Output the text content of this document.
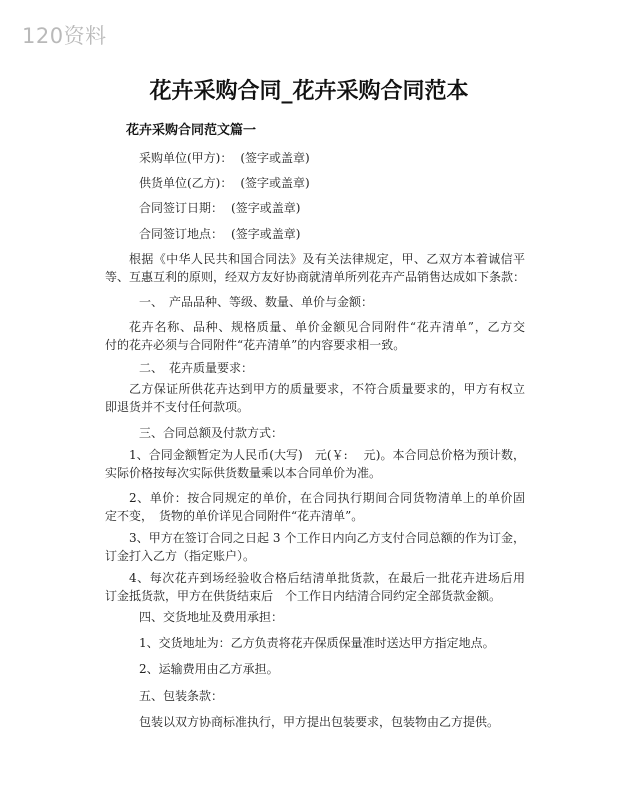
120资料
花卉采购合同_花卉采购合同范本
花卉采购合同范文篇一
采购单位(甲方)： (签字或盖章)
供货单位(乙方)： (签字或盖章)
合同签订日期： (签字或盖章)
合同签订地点： (签字或盖章)
根据《中华人民共和国合同法》及有关法律规定，甲、乙双方本着诚信平
等、互惠互利的原则，经双方友好协商就清单所列花卉产品销售达成如下条款：
一、　产品品种、等级、数量、单价与金额：
花卉名称、品种、规格质量、单价金额见合同附件“花卉清单”，乙方交
付的花卉必须与合同附件“花卉清单”的内容要求相一致。
二、　花卉质量要求：
乙方保证所供花卉达到甲方的质量要求，不符合质量要求的，甲方有权立
即退货并不支付任何款项。
三、合同总额及付款方式：
1、合同金额暂定为人民币(大写)　元(￥:　 元)。本合同总价格为预计数，
实际价格按每次实际供货数量乘以本合同单价为准。
2、单价：按合同规定的单价，在合同执行期间合同货物清单上的单价固
定不变，　货物的单价详见合同附件“花卉清单”。
3、甲方在签订合同之日起 3 个工作日内向乙方支付合同总额的作为订金，
订金打入乙方（指定账户）。
4、每次花卉到场经验收合格后结清单批货款，在最后一批花卉进场后用
订金抵货款，甲方在供货结束后　个工作日内结清合同约定全部货款金额。
四、交货地址及费用承担：
1、交货地址为：乙方负责将花卉保质保量准时送达甲方指定地点。
2、运输费用由乙方承担。
五、包装条款：
包装以双方协商标准执行，甲方提出包装要求，包装物由乙方提供。
